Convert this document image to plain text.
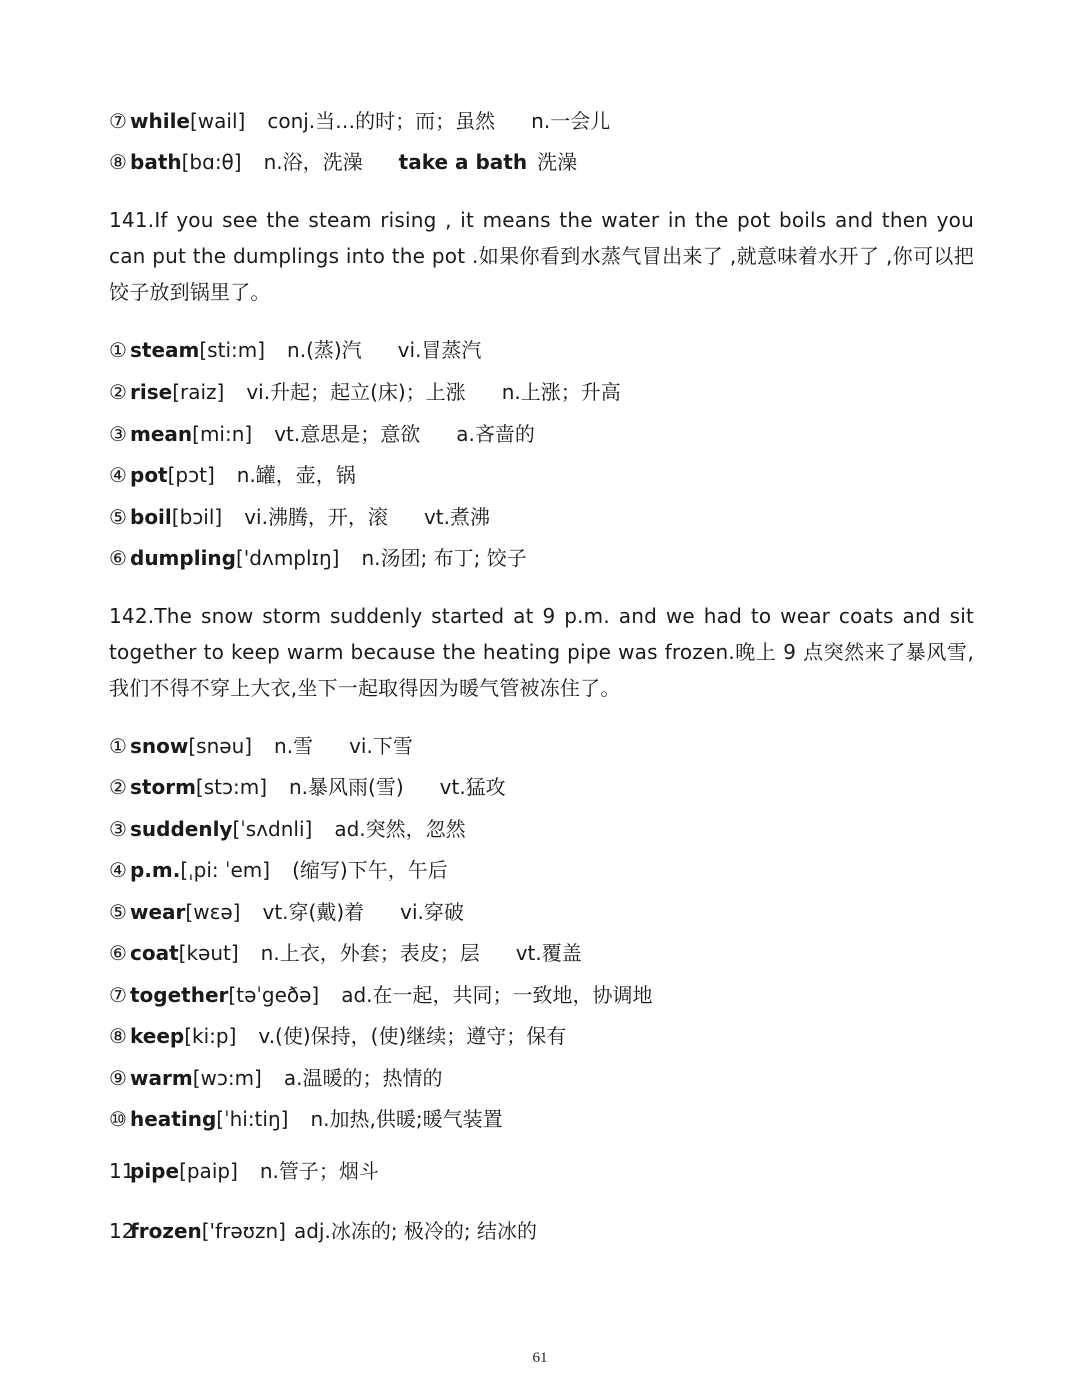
⑦ while[wail] conj.当…的时；而；虽然 n.一会儿
⑧ bath[bɑ:θ] n.浴，洗澡 take a bath 洗澡
141.If you see the steam rising , it means the water in the pot boils and then you can put the dumplings into the pot .如果你看到水蒸气冒出来了 ,就意味着水开了 ,你可以把饺子放到锅里了。
① steam[sti:m] n.(蒸)汽 vi.冒蒸汽
② rise[raiz] vi.升起；起立(床)；上涨 n.上涨；升高
③ mean[mi:n] vt.意思是；意欲 a.吝啬的
④ pot[pɔt] n.罐，壶，锅
⑤ boil[bɔil] vi.沸腾，开，滚 vt.煮沸
⑥ dumpling['dʌmplɪŋ] n.汤团; 布丁; 饺子
142.The snow storm suddenly started at 9 p.m. and we had to wear coats and sit together to keep warm because the heating pipe was frozen.晚上 9 点突然来了暴风雪, 我们不得不穿上大衣,坐下一起取得因为暖气管被冻住了。
① snow[snəu] n.雪 vi.下雪
② storm[stɔ:m] n.暴风雨(雪) vt.猛攻
③ suddenly[ˈsʌdnli] ad.突然，忽然
④ p.m.[ˌpi: ˈem] (缩写)下午，午后
⑤ wear[wɛə] vt.穿(戴)着 vi.穿破
⑥ coat[kəut] n.上衣，外套；表皮；层 vt.覆盖
⑦ together[təˈgeðə] ad.在一起，共同；一致地，协调地
⑧ keep[ki:p] v.(使)保持，(使)继续；遵守；保有
⑨ warm[wɔ:m] a.温暖的；热情的
⑩ heating[ˈhi:tiŋ] n.加热,供暖;暖气装置
11pipe[paip] n.管子；烟斗
12frozen['frəʊzn] adj.冰冻的; 极冷的; 结冰的
61
